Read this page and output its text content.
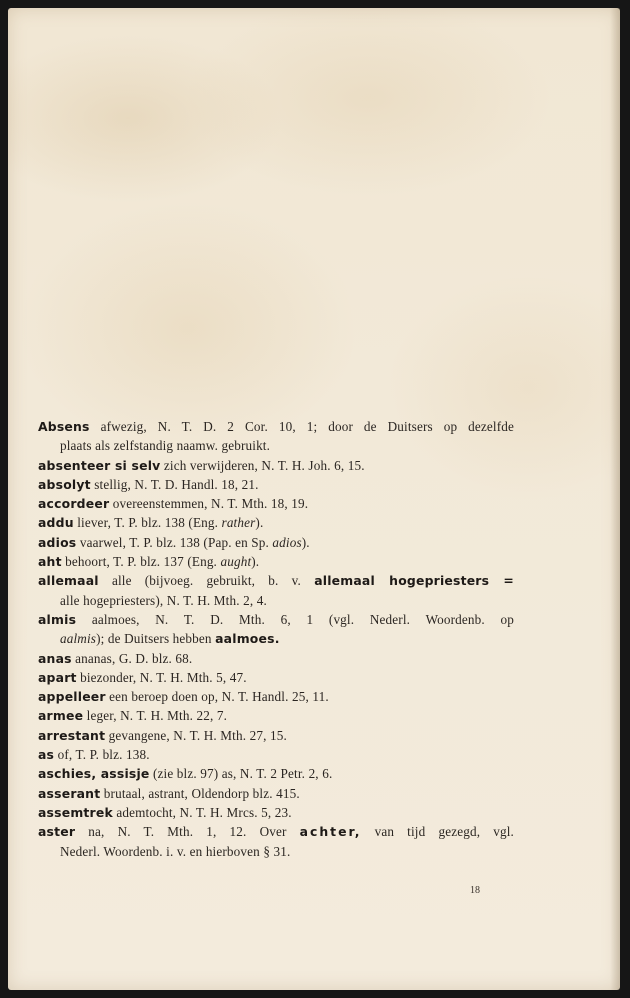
Absens afwezig, N. T. D. 2 Cor. 10, 1; door de Duitsers op dezelfde
plaats als zelfstandig naamw. gebruikt.
absenteer si selv zich verwijderen, N. T. H. Joh. 6, 15.
absolyt stellig, N. T. D. Handl. 18, 21.
accordeer overeenstemmen, N. T. Mth. 18, 19.
addu liever, T. P. blz. 138 (Eng. rather).
adios vaarwel, T. P. blz. 138 (Pap. en Sp. adios).
aht behoort, T. P. blz. 137 (Eng. aught).
allemaal alle (bijvoeg. gebruikt, b. v. allemaal hogepriesters =
alle hogepriesters), N. T. H. Mth. 2, 4.
almis aalmoes, N. T. D. Mth. 6, 1 (vgl. Nederl. Woordenb. op
aalmis); de Duitsers hebben aalmoes.
anas ananas, G. D. blz. 68.
apart biezonder, N. T. H. Mth. 5, 47.
appelleer een beroep doen op, N. T. Handl. 25, 11.
armee leger, N. T. H. Mth. 22, 7.
arrestant gevangene, N. T. H. Mth. 27, 15.
as of, T. P. blz. 138.
aschies, assisje (zie blz. 97) as, N. T. 2 Petr. 2, 6.
asserant brutaal, astrant, Oldendorp blz. 415.
assemtrek ademtocht, N. T. H. Mrcs. 5, 23.
aster na, N. T. Mth. 1, 12. Over achter, van tijd gezegd, vgl.
Nederl. Woordenb. i. v. en hierboven § 31.
18
